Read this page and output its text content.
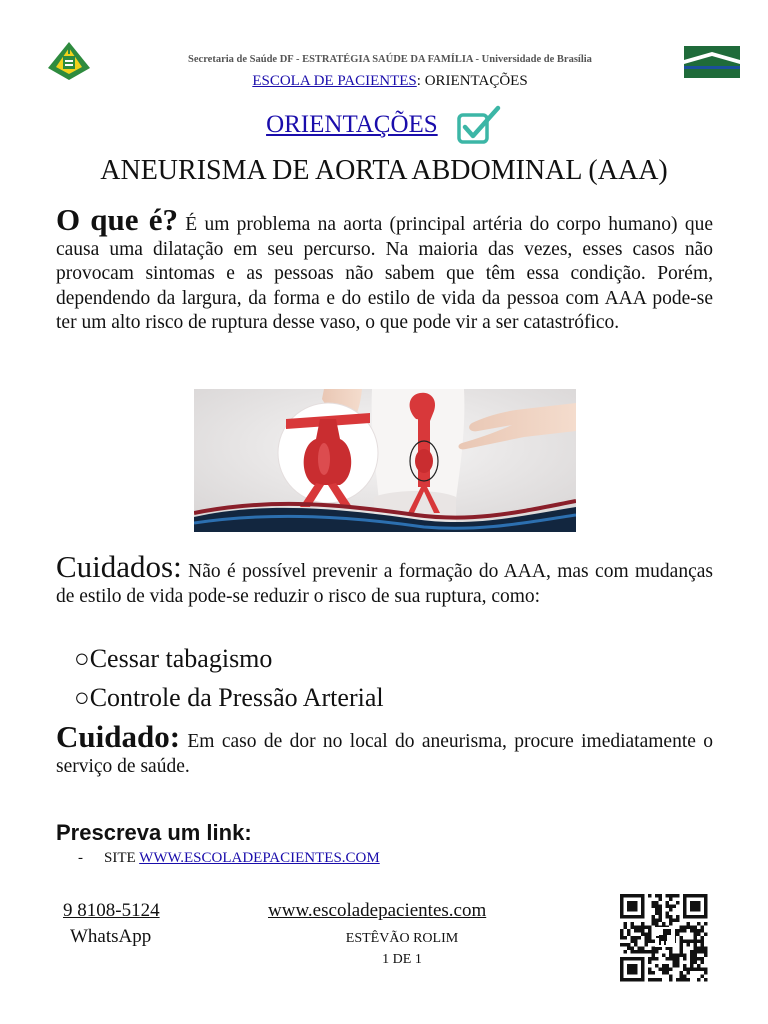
Secretaria de Saúde DF - ESTRATÉGIA SAÚDE DA FAMÍLIA - Universidade de Brasília
ESCOLA DE PACIENTES: ORIENTAÇÕES
ORIENTAÇÕES
ANEURISMA DE AORTA ABDOMINAL (AAA)
O que é? É um problema na aorta (principal artéria do corpo humano) que causa uma dilatação em seu percurso. Na maioria das vezes, esses casos não provocam sintomas e as pessoas não sabem que têm essa condição. Porém, dependendo da largura, da forma e do estilo de vida da pessoa com AAA pode-se ter um alto risco de ruptura desse vaso, o que pode vir a ser catastrófico.
Cuidados: Não é possível prevenir a formação do AAA, mas com mudanças de estilo de vida pode-se reduzir o risco de sua ruptura, como:
○Cessar tabagismo
○Controle da Pressão Arterial
Cuidado: Em caso de dor no local do aneurisma, procure imediatamente o serviço de saúde.
Prescreva um link:
- SITE WWW.ESCOLADEPACIENTES.COM
9 8108-5124
WhatsApp
www.escoladepacientes.com
ESTÊVÃO ROLIM
1 DE 1
